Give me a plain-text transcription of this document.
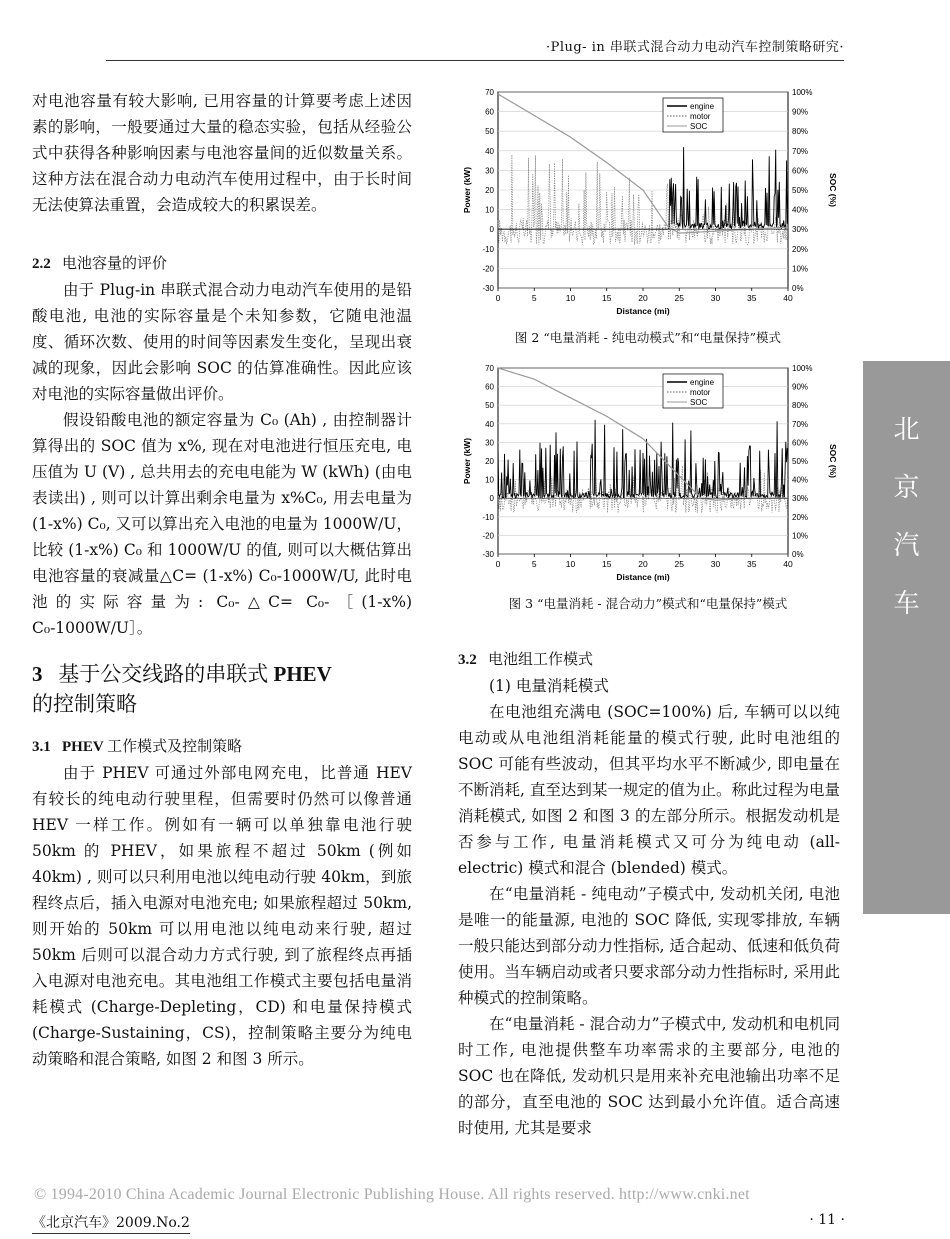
·Plug- in 串联式混合动力电动汽车控制策略研究·

对电池容量有较大影响, 已用容量的计算要考虑上述因素的影响，一般要通过大量的稳态实验，包括从经验公式中获得各种影响因素与电池容量间的近似数量关系。这种方法在混合动力电动汽车使用过程中，由于长时间无法使算法重置，会造成较大的积累误差。

2.2 电池容量的评价

由于 Plug-in 串联式混合动力电动汽车使用的是铅酸电池, 电池的实际容量是个未知参数，它随电池温度、循环次数、使用的时间等因素发生变化，呈现出衰减的现象，因此会影响 SOC 的估算准确性。因此应该对电池的实际容量做出评价。

假设铅酸电池的额定容量为 C₀ (Ah) , 由控制器计算得出的 SOC 值为 x%, 现在对电池进行恒压充电, 电压值为 U (V) , 总共用去的充电电能为 W (kWh) (由电表读出) , 则可以计算出剩余电量为 x%C₀, 用去电量为 (1-x%) C₀, 又可以算出充入电池的电量为 1000W/U，比较 (1-x%) C₀ 和 1000W/U 的值, 则可以大概估算出电池容量的衰减量△C= (1-x%) C₀-1000W/U, 此时电池的实际容量为: C₀-△C= C₀-［(1-x%) C₀-1000W/U］。

3 基于公交线路的串联式 PHEV
的控制策略

3.1 PHEV 工作模式及控制策略

由于 PHEV 可通过外部电网充电，比普通 HEV 有较长的纯电动行驶里程，但需要时仍然可以像普通 HEV 一样工作。例如有一辆可以单独靠电池行驶 50km 的 PHEV，如果旅程不超过 50km (例如 40km) , 则可以只利用电池以纯电动行驶 40km，到旅程终点后，插入电源对电池充电; 如果旅程超过 50km, 则开始的 50km 可以用电池以纯电动来行驶, 超过 50km 后则可以混合动力方式行驶, 到了旅程终点再插入电源对电池充电。其电池组工作模式主要包括电量消耗模式 (Charge-Depleting，CD) 和电量保持模式 (Charge-Sustaining，CS)，控制策略主要分为纯电动策略和混合策略, 如图 2 和图 3 所示。

70	100%
60	90%
50	80%
40	70%
30	60%
20	50%
10	40%
0	30%
-10	20%
-20	10%
-30	0%
0	5	10	15	20	25	30	35	40
Distance (mi)
Power (kW)	SOC (%)
engine
motor
SOC
图 2 “电量消耗 - 纯电动模式”和“电量保持”模式
70	100%
60	90%
50	80%
40	70%
30	60%
20	50%
10	40%
0	30%
-10	20%
-20	10%
-30	0%
0	5	10	15	20	25	30	35	40
Distance (mi)
Power (kW)	SOC (%)
engine
motor
SOC
图 3 “电量消耗 - 混合动力”模式和“电量保持”模式

3.2 电池组工作模式

(1) 电量消耗模式

在电池组充满电 (SOC=100%) 后, 车辆可以以纯电动或从电池组消耗能量的模式行驶, 此时电池组的 SOC 可能有些波动，但其平均水平不断减少, 即电量在不断消耗, 直至达到某一规定的值为止。称此过程为电量消耗模式, 如图 2 和图 3 的左部分所示。根据发动机是否参与工作, 电量消耗模式又可分为纯电动 (all-electric) 模式和混合 (blended) 模式。

在“电量消耗 - 纯电动”子模式中, 发动机关闭, 电池是唯一的能量源, 电池的 SOC 降低, 实现零排放, 车辆一般只能达到部分动力性指标, 适合起动、低速和低负荷使用。当车辆启动或者只要求部分动力性指标时, 采用此种模式的控制策略。

在“电量消耗 - 混合动力”子模式中, 发动机和电机同时工作, 电池提供整车功率需求的主要部分, 电池的 SOC 也在降低, 发动机只是用来补充电池输出功率不足的部分，直至电池的 SOC 达到最小允许值。适合高速时使用, 尤其是要求

北
京
汽
车
© 1994-2010 China Academic Journal Electronic Publishing House. All rights reserved. http://www.cnki.net
《北京汽车》2009.No.2	· 11 ·
